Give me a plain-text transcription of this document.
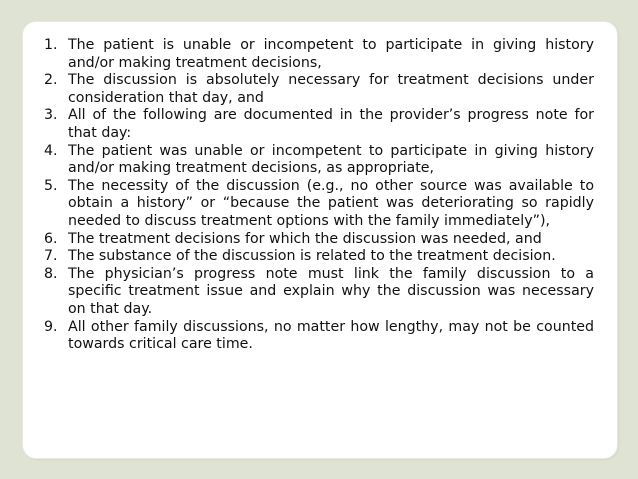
1. The patient is unable or incompetent to participate in giving history and/or making treatment decisions,
2. The discussion is absolutely necessary for treatment decisions under consideration that day, and
3. All of the following are documented in the provider’s progress note for that day:
4. The patient was unable or incompetent to participate in giving history and/or making treatment decisions, as appropriate,
5. The necessity of the discussion (e.g., no other source was available to obtain a history” or “because the patient was deteriorating so rapidly needed to discuss treatment options with the family immediately”),
6. The treatment decisions for which the discussion was needed, and
7. The substance of the discussion is related to the treatment decision.
8. The physician’s progress note must link the family discussion to a specific treatment issue and explain why the discussion was necessary on that day.
9. All other family discussions, no matter how lengthy, may not be counted towards critical care time.
